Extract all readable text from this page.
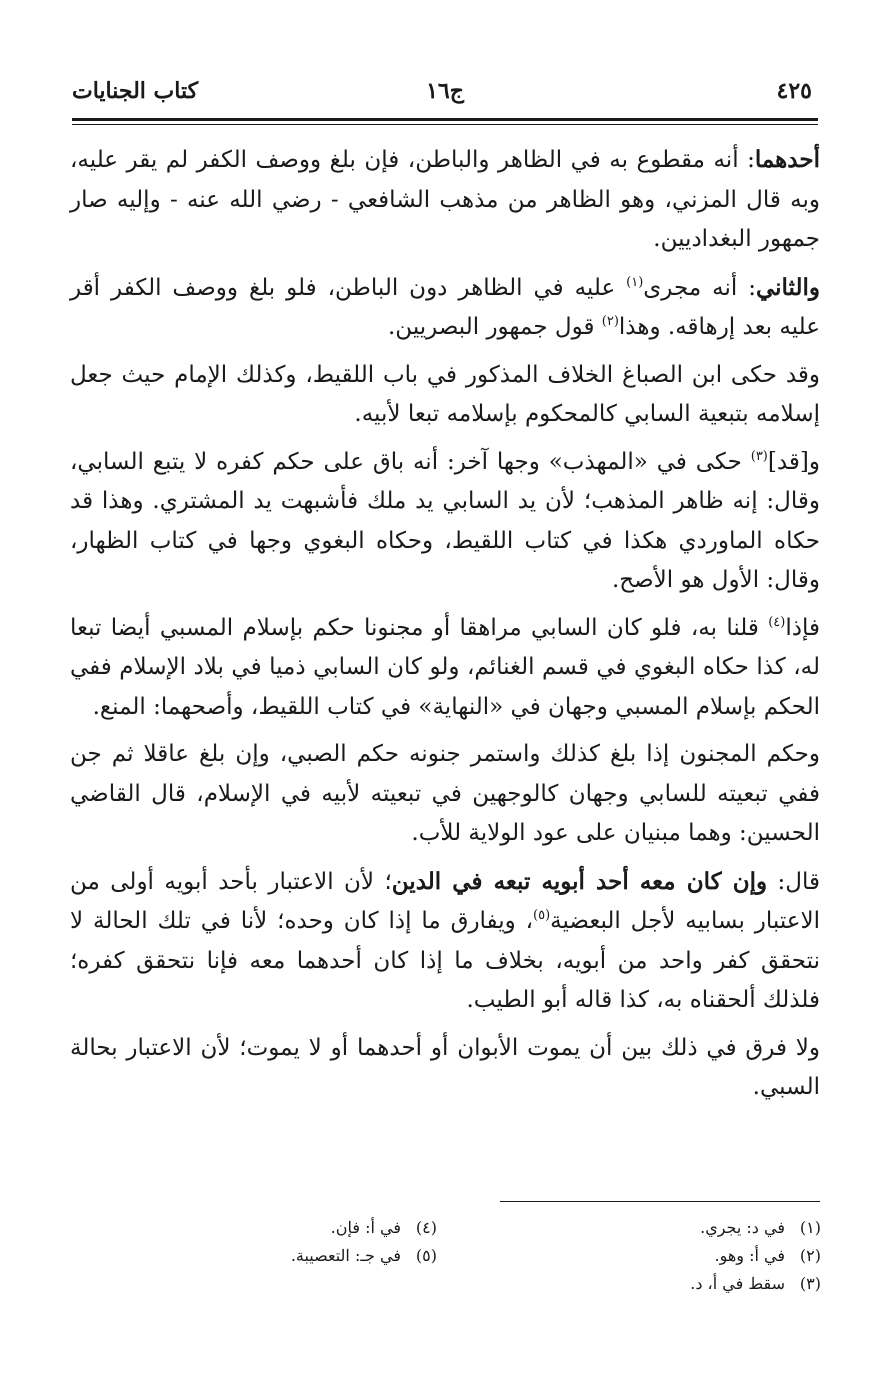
٤٢٥
ج١٦
كتاب الجنايات

أحدهما: أنه مقطوع به في الظاهر والباطن، فإن بلغ ووصف الكفر لم يقر عليه، وبه قال المزني، وهو الظاهر من مذهب الشافعي - رضي الله عنه - وإليه صار جمهور البغداديين.

والثاني: أنه مجرى$^{(١)}$ عليه في الظاهر دون الباطن، فلو بلغ ووصف الكفر أقر عليه بعد إرهاقه. وهذا$^{(٢)}$ قول جمهور البصريين.

وقد حكى ابن الصباغ الخلاف المذكور في باب اللقيط، وكذلك الإمام حيث جعل إسلامه بتبعية السابي كالمحكوم بإسلامه تبعا لأبيه.

و[قد]$^{(٣)}$ حكى في «المهذب» وجها آخر: أنه باق على حكم كفره لا يتبع السابي، وقال: إنه ظاهر المذهب؛ لأن يد السابي يد ملك فأشبهت يد المشتري. وهذا قد حكاه الماوردي هكذا في كتاب اللقيط، وحكاه البغوي وجها في كتاب الظهار، وقال: الأول هو الأصح.

فإذا$^{(٤)}$ قلنا به، فلو كان السابي مراهقا أو مجنونا حكم بإسلام المسبي أيضا تبعا له، كذا حكاه البغوي في قسم الغنائم، ولو كان السابي ذميا في بلاد الإسلام ففي الحكم بإسلام المسبي وجهان في «النهاية» في كتاب اللقيط، وأصحهما: المنع.

وحكم المجنون إذا بلغ كذلك واستمر جنونه حكم الصبي، وإن بلغ عاقلا ثم جن ففي تبعيته للسابي وجهان كالوجهين في تبعيته لأبيه في الإسلام، قال القاضي الحسين: وهما مبنيان على عود الولاية للأب.

قال: وإن كان معه أحد أبويه تبعه في الدين؛ لأن الاعتبار بأحد أبويه أولى من الاعتبار بسابيه لأجل البعضية$^{(٥)}$، ويفارق ما إذا كان وحده؛ لأنا في تلك الحالة لا نتحقق كفر واحد من أبويه، بخلاف ما إذا كان أحدهما معه فإنا نتحقق كفره؛ فلذلك ألحقناه به، كذا قاله أبو الطيب.

ولا فرق في ذلك بين أن يموت الأبوان أو أحدهما أو لا يموت؛ لأن الاعتبار بحالة السبي.

(١)في د: يجري.
(٢)في أ: وهو.
(٣)سقط في أ، د.
(٤)في أ: فإن.
(٥)في جـ: التعصيبة.
